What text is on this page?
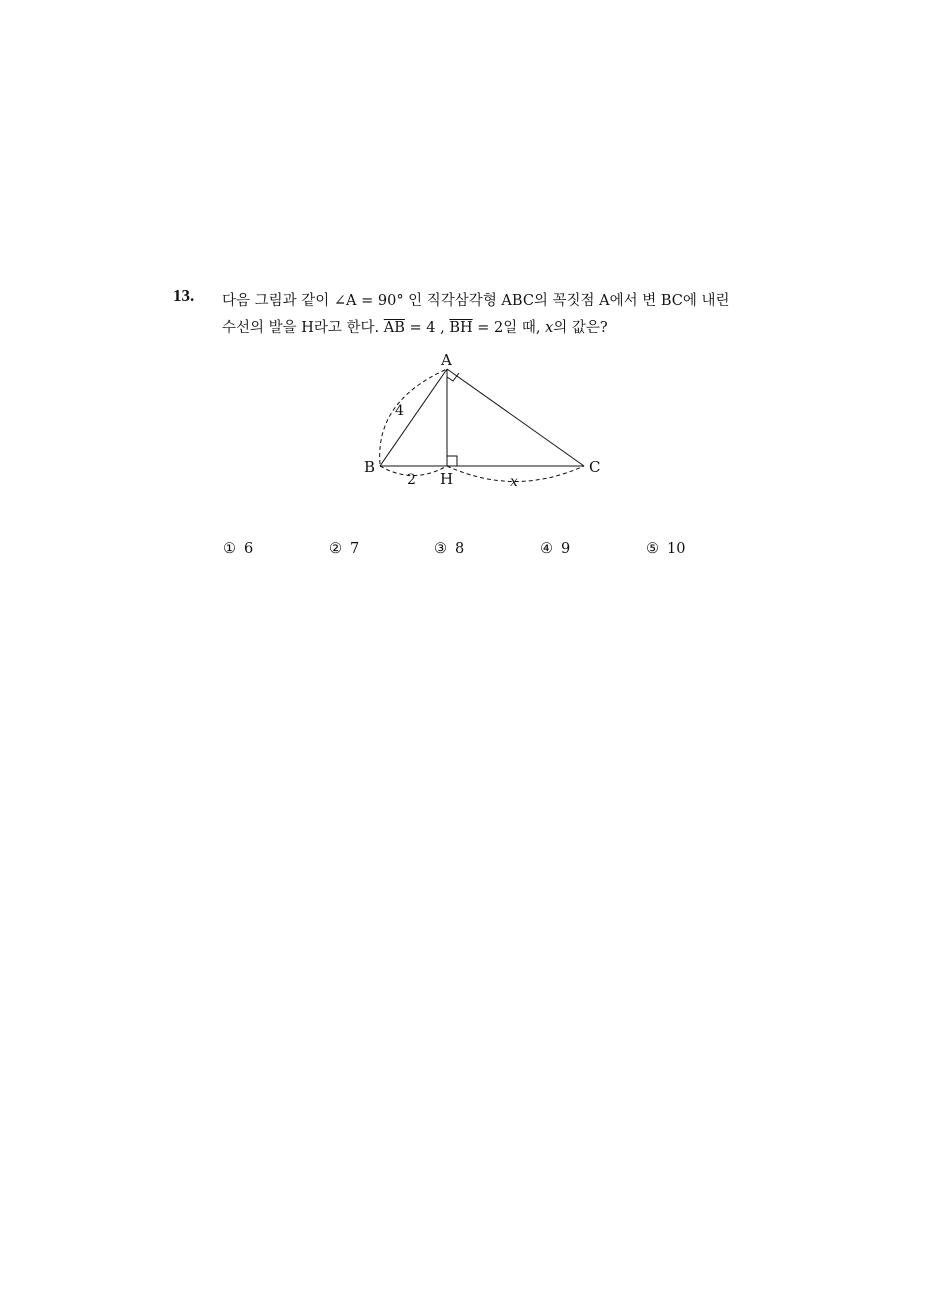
13. 다음 그림과 같이 ∠A = 90° 인 직각삼각형 ABC의 꼭짓점 A에서 변 BC에 내린
수선의 발을 H라고 한다. $\overline{AB} = 4$ , $\overline{BH} = 2$일 때, x의 값은?
A
B	C
H
4
2	x
① 6	② 7	③ 8	④ 9	⑤ 10
